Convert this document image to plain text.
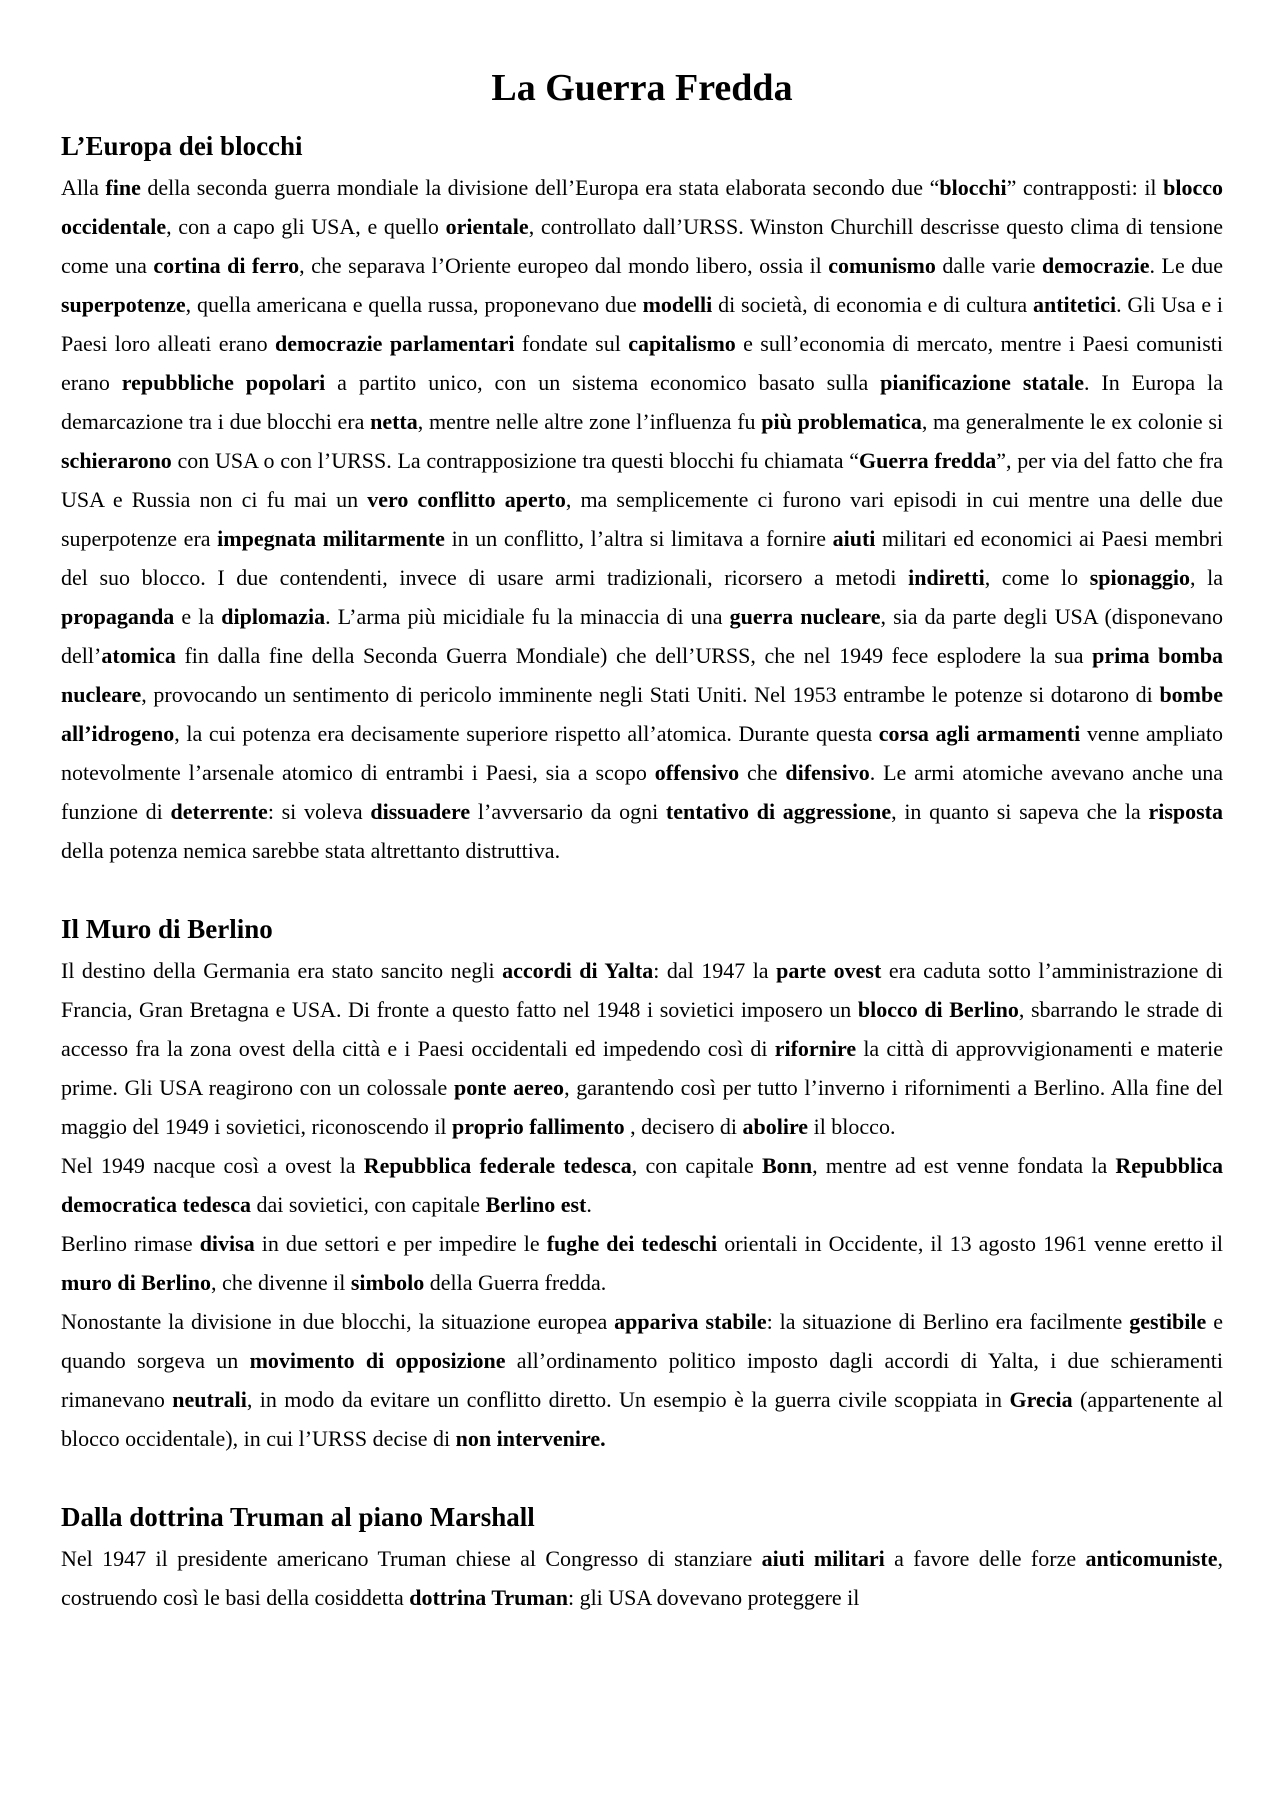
La Guerra Fredda
L’Europa dei blocchi

Alla fine della seconda guerra mondiale la divisione dell’Europa era stata elaborata secondo due “blocchi” contrapposti: il blocco occidentale, con a capo gli USA, e quello orientale, controllato dall’URSS. Winston Churchill descrisse questo clima di tensione come una cortina di ferro, che separava l’Oriente europeo dal mondo libero, ossia il comunismo dalle varie democrazie. Le due superpotenze, quella americana e quella russa, proponevano due modelli di società, di economia e di cultura antitetici. Gli Usa e i Paesi loro alleati erano democrazie parlamentari fondate sul capitalismo e sull’economia di mercato, mentre i Paesi comunisti erano repubbliche popolari a partito unico, con un sistema economico basato sulla pianificazione statale. In Europa la demarcazione tra i due blocchi era netta, mentre nelle altre zone l’influenza fu più problematica, ma generalmente le ex colonie si schierarono con USA o con l’URSS. La contrapposizione tra questi blocchi fu chiamata “Guerra fredda”, per via del fatto che fra USA e Russia non ci fu mai un vero conflitto aperto, ma semplicemente ci furono vari episodi in cui mentre una delle due superpotenze era impegnata militarmente in un conflitto, l’altra si limitava a fornire aiuti militari ed economici ai Paesi membri del suo blocco. I due contendenti, invece di usare armi tradizionali, ricorsero a metodi indiretti, come lo spionaggio, la propaganda e la diplomazia. L’arma più micidiale fu la minaccia di una guerra nucleare, sia da parte degli USA (disponevano dell’atomica fin dalla fine della Seconda Guerra Mondiale) che dell’URSS, che nel 1949 fece esplodere la sua prima bomba nucleare, provocando un sentimento di pericolo imminente negli Stati Uniti. Nel 1953 entrambe le potenze si dotarono di bombe all’idrogeno, la cui potenza era decisamente superiore rispetto all’atomica. Durante questa corsa agli armamenti venne ampliato notevolmente l’arsenale atomico di entrambi i Paesi, sia a scopo offensivo che difensivo. Le armi atomiche avevano anche una funzione di deterrente: si voleva dissuadere l’avversario da ogni tentativo di aggressione, in quanto si sapeva che la risposta della potenza nemica sarebbe stata altrettanto distruttiva.

Il Muro di Berlino

Il destino della Germania era stato sancito negli accordi di Yalta: dal 1947 la parte ovest era caduta sotto l’amministrazione di Francia, Gran Bretagna e USA. Di fronte a questo fatto nel 1948 i sovietici imposero un blocco di Berlino, sbarrando le strade di accesso fra la zona ovest della città e i Paesi occidentali ed impedendo così di rifornire la città di approvvigionamenti e materie prime. Gli USA reagirono con un colossale ponte aereo, garantendo così per tutto l’inverno i rifornimenti a Berlino. Alla fine del maggio del 1949 i sovietici, riconoscendo il proprio fallimento , decisero di abolire il blocco.

Nel 1949 nacque così a ovest la Repubblica federale tedesca, con capitale Bonn, mentre ad est venne fondata la Repubblica democratica tedesca dai sovietici, con capitale Berlino est.

Berlino rimase divisa in due settori e per impedire le fughe dei tedeschi orientali in Occidente, il 13 agosto 1961 venne eretto il muro di Berlino, che divenne il simbolo della Guerra fredda.

Nonostante la divisione in due blocchi, la situazione europea appariva stabile: la situazione di Berlino era facilmente gestibile e quando sorgeva un movimento di opposizione all’ordinamento politico imposto dagli accordi di Yalta, i due schieramenti rimanevano neutrali, in modo da evitare un conflitto diretto. Un esempio è la guerra civile scoppiata in Grecia (appartenente al blocco occidentale), in cui l’URSS decise di non intervenire.

Dalla dottrina Truman al piano Marshall

Nel 1947 il presidente americano Truman chiese al Congresso di stanziare aiuti militari a favore delle forze anticomuniste, costruendo così le basi della cosiddetta dottrina Truman: gli USA dovevano proteggere il
